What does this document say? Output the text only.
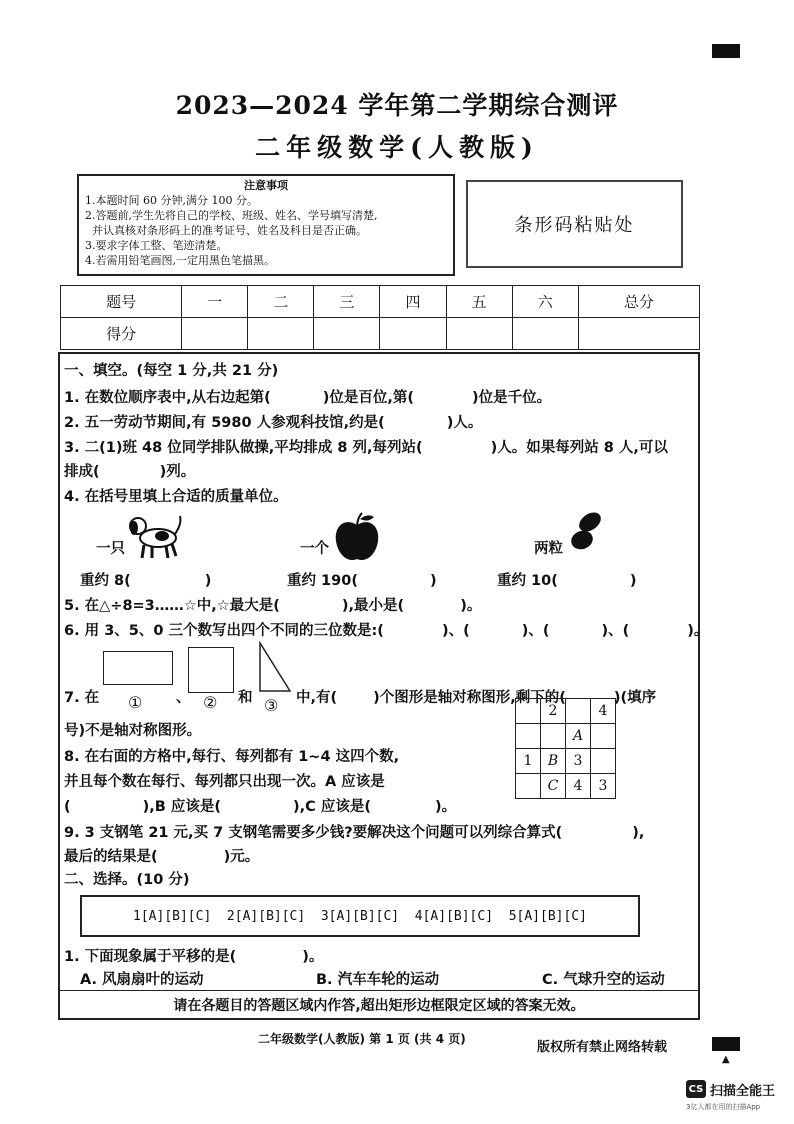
2023—2024 学年第二学期综合测评
二年级数学(人教版)
注意事项
1.本题时间 60 分钟,满分 100 分。
2.答题前,学生先将自己的学校、班级、姓名、学号填写清楚,
并认真核对条形码上的准考证号、姓名及科目是否正确。
3.要求字体工整、笔迹清楚。
4.若需用铅笔画图,一定用黑色笔描黑。
条形码粘贴处
题号	一	二	三	四	五	六	总分
得分							
一、填空。(每空 1 分,共 21 分)
1. 在数位顺序表中,从右边起第(	)位是百位,第(	)位是千位。
2. 五一劳动节期间,有 5980 人参观科技馆,约是(	)人。
3. 二(1)班 48 位同学排队做操,平均排成 8 列,每列站(	)人。如果每列站 8 人,可以
排成(	)列。
4. 在括号里填上合适的质量单位。
一只	一个	两粒
重约 8(	)	重约 190(	)	重约 10(	)
5. 在△÷8=3……☆中,☆最大是(	),最小是(	)。
6. 用 3、5、0 三个数写出四个不同的三位数是:(	)、(	)、(	)、(	)。
7. 在 ① 、 ② 和 ③ 中,有( )个图形是轴对称图形,剩下的(	)(填序
号)不是轴对称图形。
	2		4
		A	
1	B	3	
	C	4	3
8. 在右面的方格中,每行、每列都有 1~4 这四个数,
并且每个数在每行、每列都只出现一次。A 应该是
(	),B 应该是(	),C 应该是(	)。
9. 3 支钢笔 21 元,买 7 支钢笔需要多少钱?要解决这个问题可以列综合算式(	),
最后的结果是(	)元。
二、选择。(10 分)
1[A][B][C]  2[A][B][C]  3[A][B][C]  4[A][B][C]  5[A][B][C]
1. 下面现象属于平移的是(	)。
A. 风扇扇叶的运动	B. 汽车车轮的运动	C. 气球升空的运动
请在各题目的答题区域内作答,超出矩形边框限定区域的答案无效。
二年级数学(人教版) 第 1 页 (共 4 页)
版权所有禁止网络转载
▲
CS 扫描全能王
3亿人都在用的扫描App
